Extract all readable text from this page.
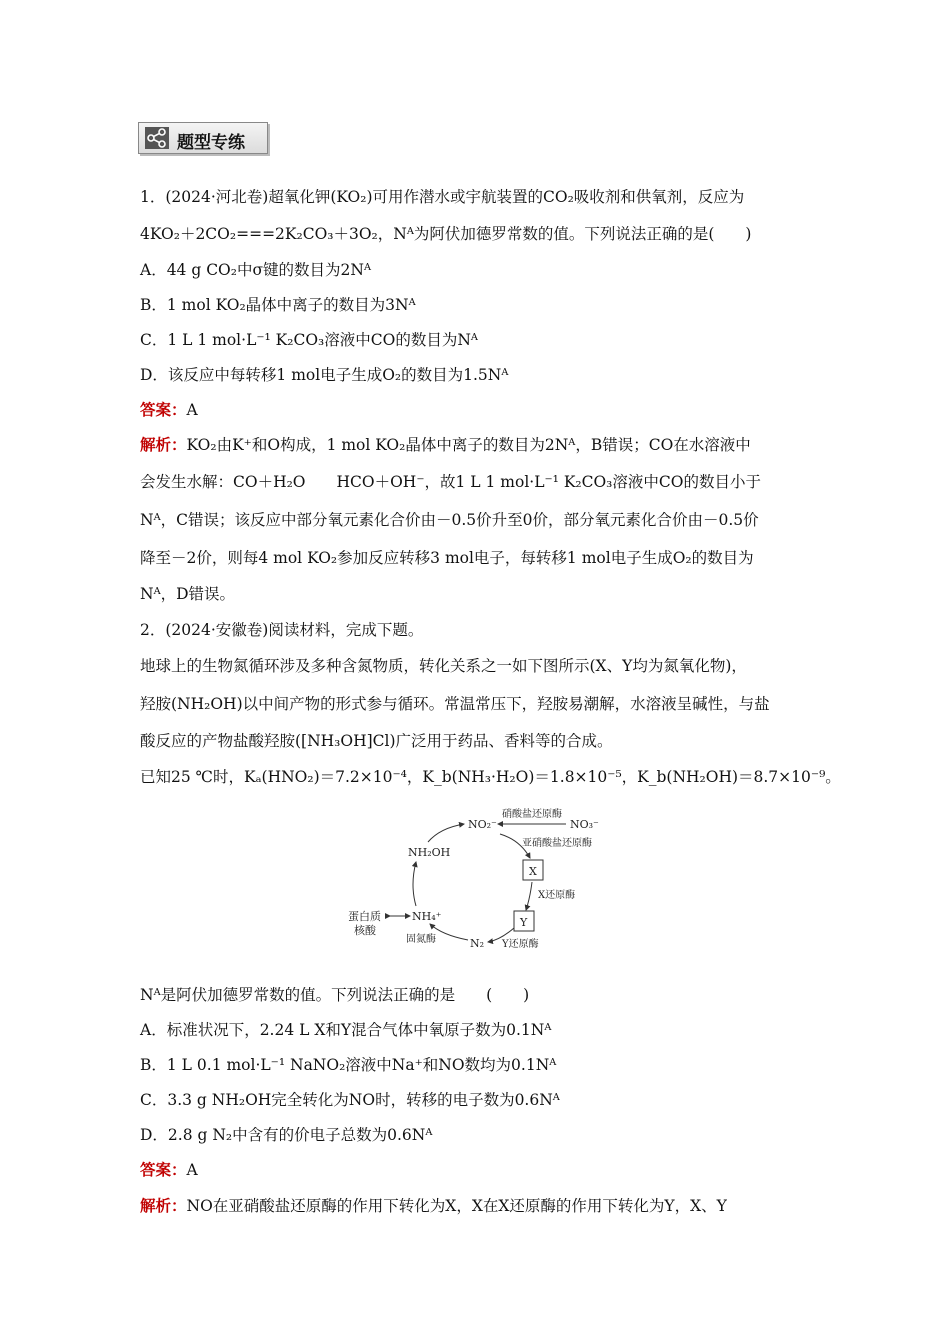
题型专练
1．(2024·河北卷)超氧化钾(KO₂)可用作潜水或宇航装置的CO₂吸收剂和供氧剂，反应为
4KO₂＋2CO₂===2K₂CO₃＋3O₂，Nᴬ为阿伏加德罗常数的值。下列说法正确的是(　　)
A．44 g CO₂中σ键的数目为2Nᴬ
B．1 mol KO₂晶体中离子的数目为3Nᴬ
C．1 L 1 mol·L⁻¹ K₂CO₃溶液中CO的数目为Nᴬ
D．该反应中每转移1 mol电子生成O₂的数目为1.5Nᴬ
答案：A
解析：KO₂由K⁺和O构成，1 mol KO₂晶体中离子的数目为2Nᴬ，B错误；CO在水溶液中
会发生水解：CO＋H₂O　　HCO＋OH⁻，故1 L 1 mol·L⁻¹ K₂CO₃溶液中CO的数目小于
Nᴬ，C错误；该反应中部分氧元素化合价由－0.5价升至0价，部分氧元素化合价由－0.5价
降至－2价，则每4 mol KO₂参加反应转移3 mol电子，每转移1 mol电子生成O₂的数目为
Nᴬ，D错误。
2．(2024·安徽卷)阅读材料，完成下题。
地球上的生物氮循环涉及多种含氮物质，转化关系之一如下图所示(X、Y均为氮氧化物)，
羟胺(NH₂OH)以中间产物的形式参与循环。常温常压下，羟胺易潮解，水溶液呈碱性，与盐
酸反应的产物盐酸羟胺([NH₃OH]Cl)广泛用于药品、香料等的合成。
已知25 ℃时，Kₐ(HNO₂)＝7.2×10⁻⁴，K_b(NH₃·H₂O)＝1.8×10⁻⁵，K_b(NH₂OH)＝8.7×10⁻⁹。
硝酸盐还原酶
NO₃⁻
NO₂⁻
亚硝酸盐还原酶
X
X还原酶
Y
Y还原酶
N₂
固氮酶
NH₄⁺
NH₂OH
蛋白质
核酸
Nᴬ是阿伏加德罗常数的值。下列说法正确的是　　(　　)
A．标准状况下，2.24 L X和Y混合气体中氧原子数为0.1Nᴬ
B．1 L 0.1 mol·L⁻¹ NaNO₂溶液中Na⁺和NO数均为0.1Nᴬ
C．3.3 g NH₂OH完全转化为NO时，转移的电子数为0.6Nᴬ
D．2.8 g N₂中含有的价电子总数为0.6Nᴬ
答案：A
解析：NO在亚硝酸盐还原酶的作用下转化为X，X在X还原酶的作用下转化为Y，X、Y
